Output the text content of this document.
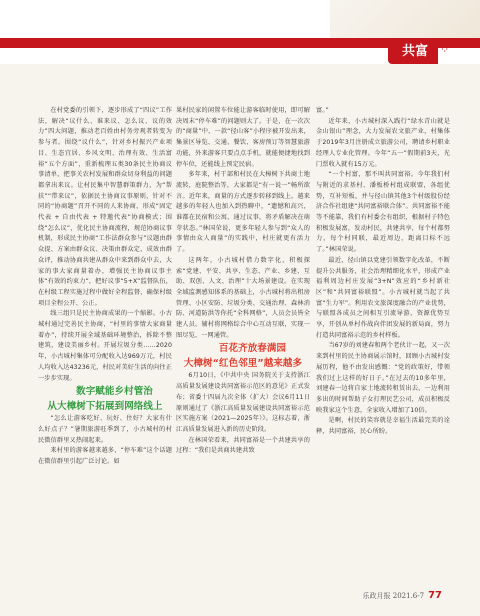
共富	⁘

在村党委的引领下，逐步形成了“四议”工作法，解决“议什么、谁来议、怎么议、议的效力”四大问题，推动老百姓由村务旁观者转变为参与者。围绕“议什么”，针对乡村振兴产业项目、生态宜居、乡风文明、治理有效、生活富裕“五个方面”，重新梳理五类30条民主协商议事清单，把事关农村发展和群众切身利益的问题都拿出来议。让村民集中智慧群策群力，为“帮扶”“带来议”，依据民主协商议事原则，针对不同的“协商题”召开不同的人来协商，形成“固定代表 + 自由代表 + 特邀代表”协商模式；围绕“怎么议”，优化民主协商流程，规范协商议事机制，形成民主协商“工作法群众参与”议题由群众提、方案由群众议、决策由群众定、成效由群众评，推动协商共建从群众中来到群众中去，大家的事大家商量着办，增强民主协商议事主体“有效的约束力”，把好议事“5+X”监督队伍，在村级工程实施过程中做好全程监督，确保村级项目全程公开、公正。

线三组只是民主协商成果的一个缩影。小古城村通过完善民主协商，“村里的事情大家商量着办”，持续开展全域基础环境整治，拆除不整建筑，建设美丽乡村。开展垃圾分类……2020年，小古城村集体可分配收入达969万元，村民人均收入达43236元，村民对美好生活的向往正一步步实现。

数字赋能乡村管治
从大樟树下拓展到网络线上

“怎么让游客吃好、玩好、住好？大家有什么好点子？”暑期旅游旺季到了，小古城村的村民微信群里又热闹起来。

来村里的游客越来越多，“停车难”这个话题在微信群里引起广泛讨论。如

果村民家的闲置车位能让游客临时使用，即可解决周末“停车难”的问题则大了。于是，在一次次的“商量”中，一款“径山客”小程序被开发出来，集景区导览、交通、餐饮、客房预订等智慧旅游功能，外来游客只要点点手机，就能便捷地找到停车位，还能线上预定民宿。

多年来，村干部和村民在大樟树下共商土地流转，庭院整治等，大家都是“有一说一”畅所欲言。近年来，商量的方式逐步转移到线上。越来越多的年轻人也加入到热聊中，“遗憾和高兴，谁都在民宿和公寓，通过议事，将矛盾解决在萌芽状态。”林国荣说，更多年轻人参与到“众人的事情由众人商量”的实践中，村庄就更有活力了。

这两年，小古城村借力数字化，积极探索“党建、平安、共享、生态、产业、乡建、互助、双创、人文、治理”十大场景建设。在实现全域监测感知体系的基础上，小古城村将出租房管理、小区安防、垃圾分类、交通治理、森林消防、河道防洪等你托“全科网格”，人员会员皆全建人员。辅村将网格综合中心互动互联，实现一图尽览、一网通管。

百花齐放春满园
大樟树“红色邻里”越来越多

6月10日，《中共中央 国务院关于支持浙江高质量发展建设共同富裕示范区的意见》正式发布；省委十四届九次全体（扩大）会议6月11日原则通过了《浙江高质量发展建设共同富裕示范区实施方案（2021—2025年）》。这标志着，浙江高质量发展进入新的历史阶段。

在林国荣看来，共同富裕是一个共建共享的过程：“我们是共商共建共致

富。”

近年来，小古城村深入践行“绿水青山就是金山银山”理念，大力发展农文旅产业，村集体于2019年3月注册成立旅游公司，聘请乡村职业经理人专业化管理。今年“五一”假期前3天，光门票收入就有15万元。

“一个村富，那不叫共同富裕。今年我们村与附近的求基村、潘板桥村组成联盟，各组优势，互补短板，并与径山镇其他3个村级股份经济合作社组建“共同富裕联合体”。共同富裕不能等不能靠，我们有村委会有组织，根据村子特色积极发展富，发动村民，共建共享，每个村都努力，每个村同联，最近周边，距离目标不远了。”林国荣说。

最近，径山镇以党建引领数字化改革，不断提升公共服务，社会治理精细化水平，形成产业福利周边村庄发展“3+N”效应的“乡村新社区”和“共同富裕联盟”。小古城村就当起了共富“生力军”。利用农文旅深度融合的产业优势，与联盟各成员之间相互引流导游，资源优势互享，开创从单村作战向伴团发展的新局面，努力打造共同富裕示范的乡村样板。

当67岁的刘建春和两个老伙计一起，又一次来到村里的民主协商展示馆时，回顾小古城村发展历程，他不由发出感慨：“党的政策好，带领我们过上这样的好日子。”在过去的10多年里，刘建春一边将自家土地流转租赁出去，一边利用多出的时间帮助子女打理民艺公司，成员积极反映我家这个生意，全家收入增加了10倍。

是啊，村民的笑容就是幸福生活最完美的诠释，共同富裕，民心所盼。

乐政月报 2021.6-7 77
